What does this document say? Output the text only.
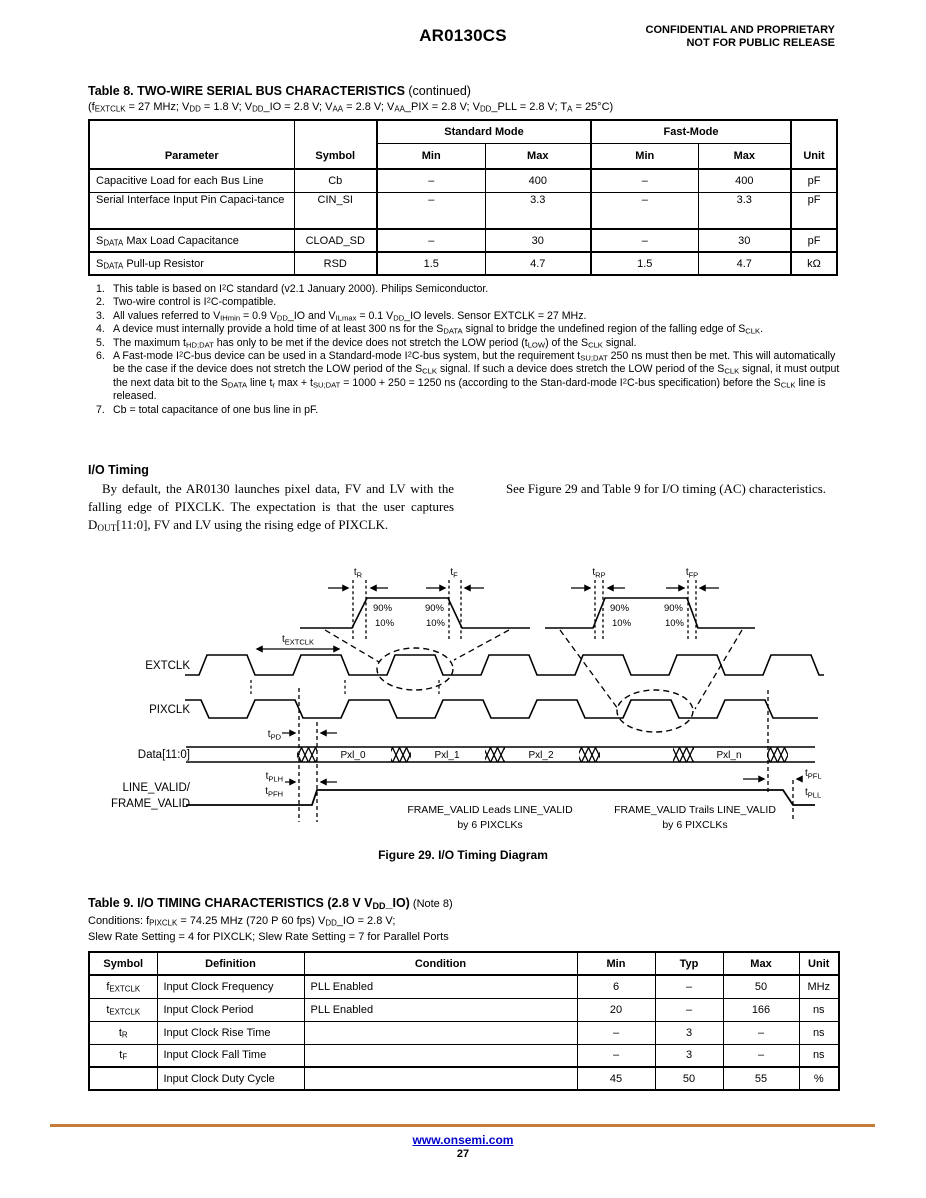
AR0130CS	CONFIDENTIAL AND PROPRIETARY
NOT FOR PUBLIC RELEASE
Table 8. TWO-WIRE SERIAL BUS CHARACTERISTICS (continued)
($f_{EXTCLK} = 27$ MHz; $V_{DD} = 1.8$ V; $V_{DD}\_IO = 2.8$ V; $V_{AA} = 2.8$ V; $V_{AA}\_PIX = 2.8$ V; $V_{DD}\_PLL = 2.8$ V; $T_A = 25^\circ C$)
Parameter	Symbol	Standard Mode		Fast-Mode		Unit
		Min	Max	Min	Max	
Capacitive Load for each Bus Line	Cb	–	400	–	400	pF
Serial Interface Input Pin Capaci-tance	CIN_SI	–	3.3	–	3.3	pF
$S_{DATA}$ Max Load Capacitance	CLOAD_SD	–	30	–	30	pF
$S_{DATA}$ Pull-up Resistor	RSD	1.5	4.7	1.5	4.7	kΩ
1. This table is based on $I^2C$ standard (v2.1 January 2000). Philips Semiconductor.
2. Two-wire control is $I^2C$-compatible.
3. All values referred to $V_{IHmin} = 0.9$ $V_{DD}\_IO$ and $V_{ILmax} = 0.1$ $V_{DD}\_IO$ levels. Sensor EXTCLK = 27 MHz.
4. A device must internally provide a hold time of at least 300 ns for the $S_{DATA}$ signal to bridge the undefined region of the falling edge of $S_{CLK}$.
5. The maximum $t_{HD;DAT}$ has only to be met if the device does not stretch the LOW period $(t_{LOW})$ of the $S_{CLK}$ signal.
6. A Fast-mode $I^2C$-bus device can be used in a Standard-mode $I^2C$-bus system, but the requirement $t_{SU;DAT}$ 250 ns must then be met. This will automatically be the case if the device does not stretch the LOW period of the $S_{CLK}$ signal. If such a device does stretch the LOW period of the $S_{CLK}$ signal, it must output the next data bit to the $S_{DATA}$ line $t_r$ $\max + t_{SU;DAT} = 1000 + 250 = 1250$ ns (according to the Stan-dard-mode $I^2C$-bus specification) before the $S_{CLK}$ line is released.
7. Cb = total capacitance of one bus line in pF.
I/O Timing
By default, the AR0130 launches pixel data, FV and LV with the falling edge of PIXCLK. The expectation is that the user captures $D_{OUT}[11:0]$, FV and LV using the rising edge of PIXCLK.
See Figure 29 and Table 9 for I/O timing (AC) characteristics.
$t_R$	$t_F$
90%	90%
10%	10%
$t_{RP}$	$t_{FP}$
90%	90%
10%	10%
$t_{EXTCLK}$
EXTCLK
PIXCLK
Data[11:0]	Pxl_0	Pxl_1	Pxl_2	Pxl_n
LINE_VALID/
FRAME_VALID
$t_{PD}$
$t_{PLH}$
$t_{PFH}$
$t_{PFL}$
$t_{PLL}$
FRAME_VALID Leads LINE_VALID
by 6 PIXCLKs
FRAME_VALID Trails LINE_VALID
by 6 PIXCLKs
Figure 29. I/O Timing Diagram
Table 9. I/O TIMING CHARACTERISTICS (2.8 V $V_{DD}\_IO$) (Note 8)
Conditions: $f_{PIXCLK} = 74.25$ MHz (720 P 60 fps) $V_{DD}\_IO = 2.8$ V;
Slew Rate Setting = 4 for PIXCLK; Slew Rate Setting = 7 for Parallel Ports
Symbol	Definition	Condition	Min	Typ	Max	Unit
$f_{EXTCLK}$	Input Clock Frequency	PLL Enabled	6	–	50	MHz
$t_{EXTCLK}$	Input Clock Period	PLL Enabled	20	–	166	ns
$t_R$	Input Clock Rise Time		–	3	–	ns
$t_F$	Input Clock Fall Time		–	3	–	ns
	Input Clock Duty Cycle		45	50	55	%
www.onsemi.com
27
